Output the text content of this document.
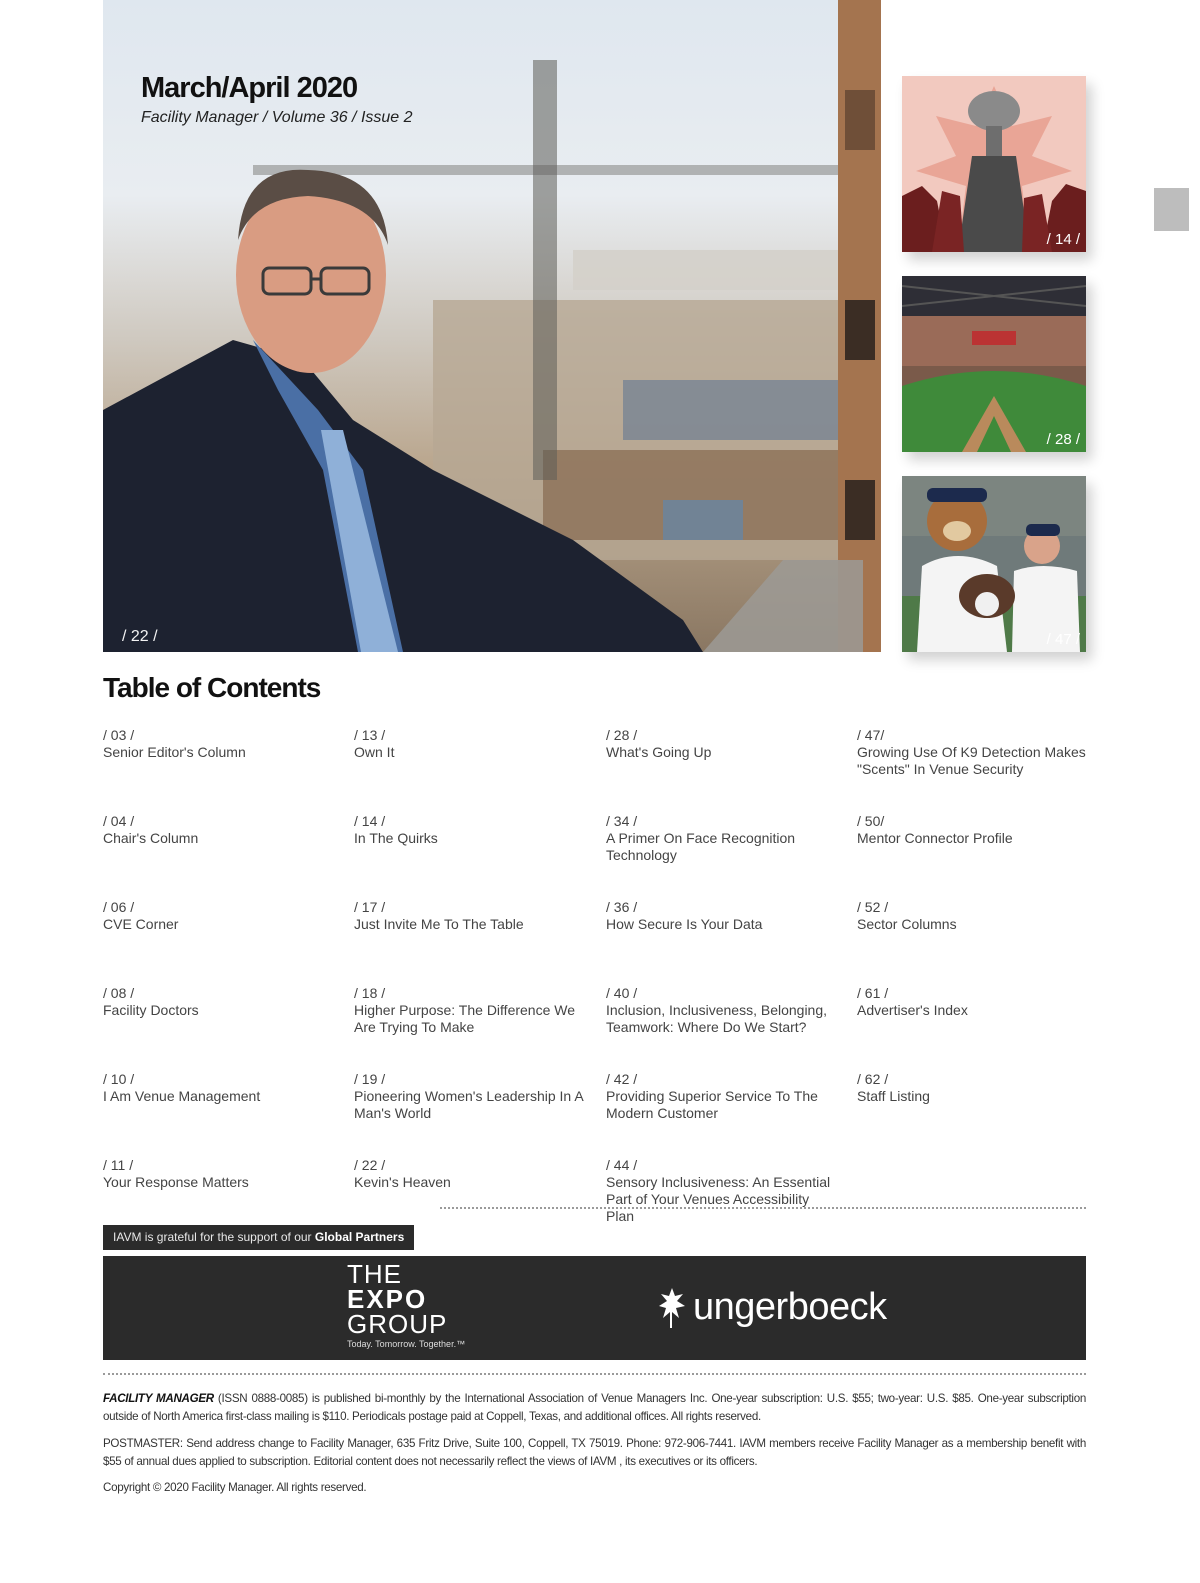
March/April 2020
Facility Manager / Volume 36 / Issue 2
/ 22 /
/ 14 /
/ 28 /
/ 47 /
Table of Contents
/ 03 /
Senior Editor's Column
/ 04 /
Chair's Column
/ 06 /
CVE Corner
/ 08 /
Facility Doctors
/ 10 /
I Am Venue Management
/ 11 /
Your Response Matters
/ 13 /
Own It
/ 14 /
In The Quirks
/ 17 /
Just Invite Me To The Table
/ 18 /
Higher Purpose: The Difference We Are Trying To Make
/ 19 /
Pioneering Women's Leadership In A Man's World
/ 22 /
Kevin's Heaven
/ 28 /
What's Going Up
/ 34 /
A Primer On Face Recognition Technology
/ 36 /
How Secure Is Your Data
/ 40 /
Inclusion, Inclusiveness, Belonging, Teamwork: Where Do We Start?
/ 42 /
Providing Superior Service To The Modern Customer
/ 44 /
Sensory Inclusiveness: An Essential Part of Your Venues Accessibility Plan
/ 47/
Growing Use Of K9 Detection Makes "Scents" In Venue Security
/ 50/
Mentor Connector Profile
/ 52 /
Sector Columns
/ 61 /
Advertiser's Index
/ 62 /
Staff Listing
IAVM is grateful for the support of our Global Partners
THE
EXPO
GROUP
Today. Tomorrow. Together.™
ungerboeck
FACILITY MANAGER (ISSN 0888-0085) is published bi-monthly by the International Association of Venue Managers Inc. One-year subscription: U.S. $55; two-year: U.S. $85. One-year subscription outside of North America first-class mailing is $110. Periodicals postage paid at Coppell, Texas, and additional offices. All rights reserved.
POSTMASTER: Send address change to Facility Manager, 635 Fritz Drive, Suite 100, Coppell, TX 75019. Phone: 972-906-7441. IAVM members receive Facility Manager as a membership benefit with $55 of annual dues applied to subscription. Editorial content does not necessarily reflect the views of IAVM , its executives or its officers.
Copyright © 2020 Facility Manager. All rights reserved.
